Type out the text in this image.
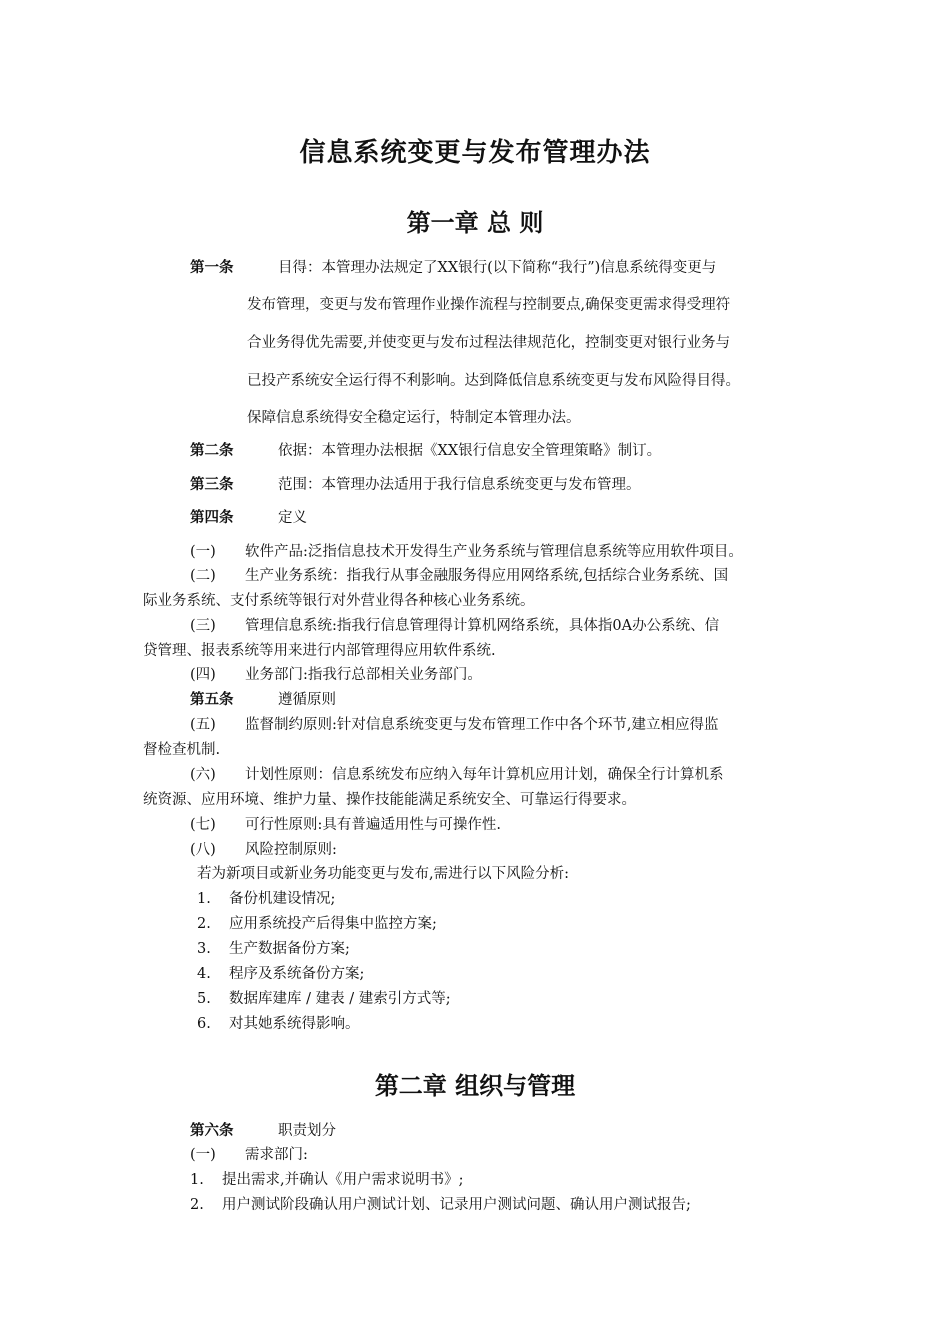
信息系统变更与发布管理办法
第一章 总 则
第一条	目得：本管理办法规定了XX银行(以下简称“我行”)信息系统得变更与
发布管理，变更与发布管理作业操作流程与控制要点,确保变更需求得受理符
合业务得优先需要,并使变更与发布过程法律规范化，控制变更对银行业务与
已投产系统安全运行得不利影响。达到降低信息系统变更与发布风险得目得。
保障信息系统得安全稳定运行，特制定本管理办法。
第二条	依据：本管理办法根据《XX银行信息安全管理策略》制订。
第三条	范围：本管理办法适用于我行信息系统变更与发布管理。
第四条	定义
(一) 软件产品:泛指信息技术开发得生产业务系统与管理信息系统等应用软件项目。
(二) 生产业务系统：指我行从事金融服务得应用网络系统,包括综合业务系统、国
际业务系统、支付系统等银行对外营业得各种核心业务系统。
(三) 管理信息系统:指我行信息管理得计算机网络系统，具体指0A办公系统、信
贷管理、报表系统等用来进行内部管理得应用软件系统.
(四) 业务部门:指我行总部相关业务部门。
第五条	遵循原则
(五) 监督制约原则:针对信息系统变更与发布管理工作中各个环节,建立相应得监
督检查机制.
(六) 计划性原则：信息系统发布应纳入每年计算机应用计划，确保全行计算机系
统资源、应用环境、维护力量、操作技能能满足系统安全、可靠运行得要求。
(七) 可行性原则:具有普遍适用性与可操作性.
(八) 风险控制原则:
若为新项目或新业务功能变更与发布,需进行以下风险分析:
1. 备份机建设情况;
2. 应用系统投产后得集中监控方案;
3. 生产数据备份方案;
4. 程序及系统备份方案;
5. 数据库建库 / 建表 / 建索引方式等;
6. 对其她系统得影响。
第二章 组织与管理
第六条	职责划分
(一) 需求部门:
1. 提出需求,并确认《用户需求说明书》;
2. 用户测试阶段确认用户测试计划、记录用户测试问题、确认用户测试报告;
